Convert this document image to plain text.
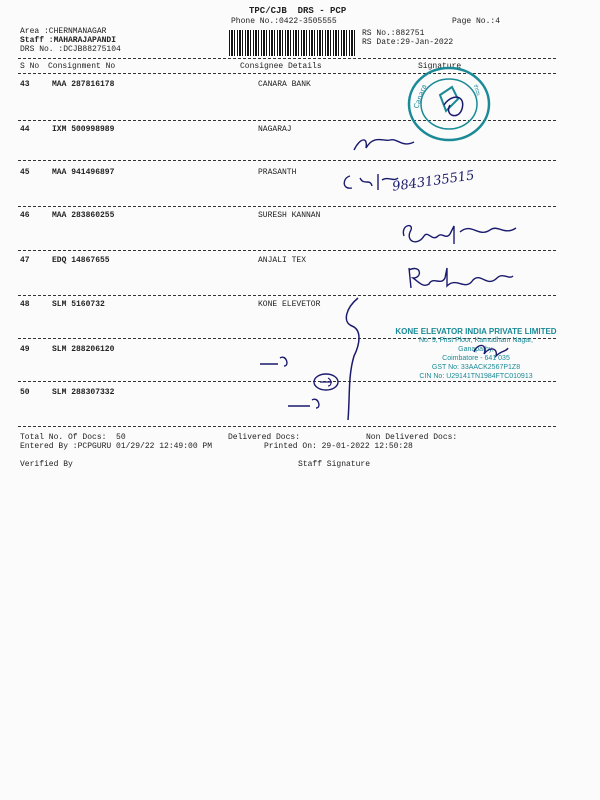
TPC/CJB  DRS - PCP
Phone No.:0422-3505555	Page No.:4
Area :CHERNMANAGAR
Staff :MAHARAJAPANDI
DRS No. :DCJB88275104
RS No.:882751
RS Date:29-Jan-2022
S No Consignment No	Consignee Details	Signature
43	MAA 287816178	CANARA BANK
44	IXM 500998989	NAGARAJ
45	MAA 941496897	PRASANTH
46	MAA 283860255	SURESH KANNAN
47	EDQ 14867655	ANJALI TEX
48	SLM 5160732	KONE ELEVETOR
49	SLM 288206120
50	SLM 288307332
Total No. Of Docs:  50	Delivered Docs:	Non Delivered Docs:
Entered By :PCPGURU 01/29/22 12:49:00 PM	Printed On: 29-01-2022 12:50:28
Verified By	Staff Signature
Canara	ಕೆನರಾ
KONE ELEVATOR INDIA PRIVATE LIMITED
No. 9, First Floor, Kamudham Nagar,
Ganapathy,
Coimbatore - 641 035
GST No: 33AACK2567P1Z8
CIN No: U29141TN1984FTC010913
9843135515
